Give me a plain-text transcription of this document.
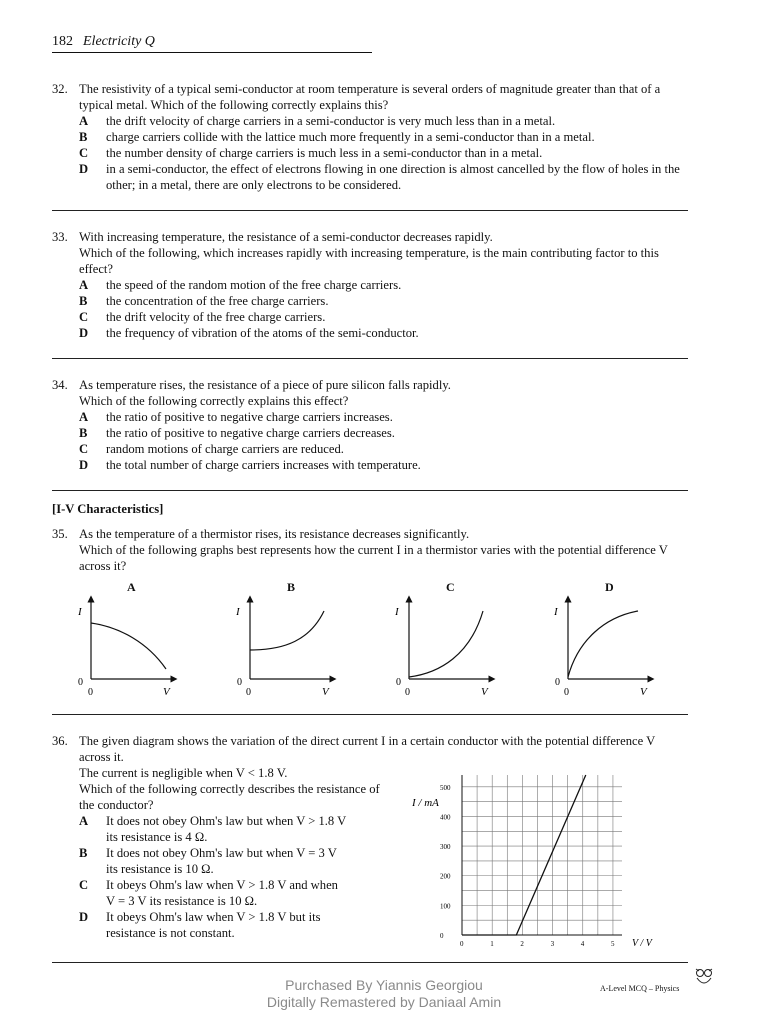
182 Electricity Q
32. The resistivity of a typical semi-conductor at room temperature is several orders of magnitude greater than that of a typical metal. Which of the following correctly explains this?
A the drift velocity of charge carriers in a semi-conductor is very much less than in a metal.
B charge carriers collide with the lattice much more frequently in a semi-conductor than in a metal.
C the number density of charge carriers is much less in a semi-conductor than in a metal.
D in a semi-conductor, the effect of electrons flowing in one direction is almost cancelled by the flow of holes in the other; in a metal, there are only electrons to be considered.
33. With increasing temperature, the resistance of a semi-conductor decreases rapidly.
Which of the following, which increases rapidly with increasing temperature, is the main contributing factor to this effect?
A the speed of the random motion of the free charge carriers.
B the concentration of the free charge carriers.
C the drift velocity of the free charge carriers.
D the frequency of vibration of the atoms of the semi-conductor.
34. As temperature rises, the resistance of a piece of pure silicon falls rapidly.
Which of the following correctly explains this effect?
A the ratio of positive to negative charge carriers increases.
B the ratio of positive to negative charge carriers decreases.
C random motions of charge carriers are reduced.
D the total number of charge carriers increases with temperature.
[I-V Characteristics]
35. As the temperature of a thermistor rises, its resistance decreases significantly.
Which of the following graphs best represents how the current I in a thermistor varies with the potential difference V across it?
A	B	C	D
I
0
0	V
I
0
0	V
I
0
0	V
I
0
0	V
36. The given diagram shows the variation of the direct current I in a certain conductor with the potential difference V across it.
The current is negligible when V < 1.8 V.
Which of the following correctly describes the resistance of the conductor?
A It does not obey Ohm's law but when V > 1.8 V
its resistance is 4 Ω.
B It does not obey Ohm's law but when V = 3 V
its resistance is 10 Ω.
C It obeys Ohm's law when V > 1.8 V and when
V = 3 V its resistance is 10 Ω.
D It obeys Ohm's law when V > 1.8 V but its
resistance is not constant.
0	1	2	3	4	5
0
100
200
300
400
500
I / mA
V / V
Purchased By Yiannis Georgiou
Digitally Remastered by Daniaal Amin
A-Level MCQ – Physics
